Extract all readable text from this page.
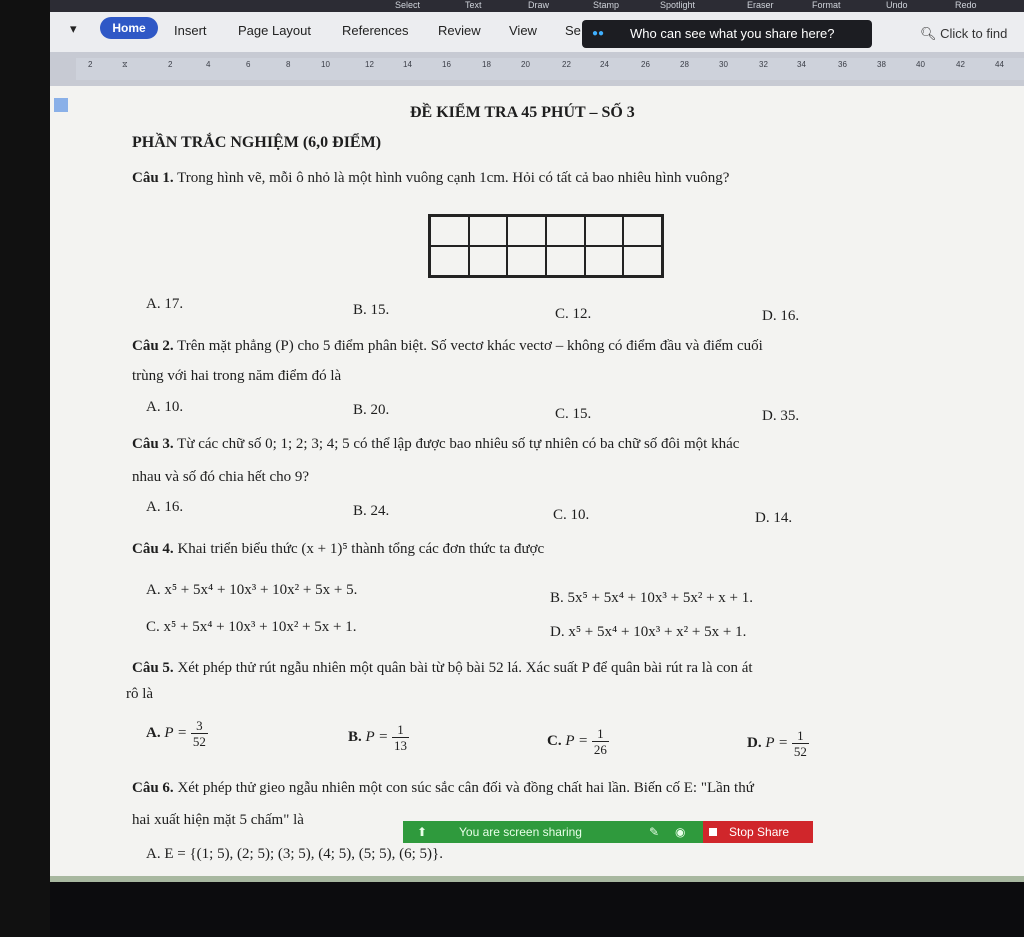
Select	Text	Draw	Stamp	Spotlight	Eraser	Format	Undo	Redo
▾	Home	Insert Page Layout References Review View Se ●● Who can see what you share here?	🔍︎ Click to find
2	⧖	2	4	6	8	10	12	14	16	18	20	22	24	26	28	30	32	34	36	38	40	42	44
ĐỀ KIỂM TRA 45 PHÚT – SỐ 3
PHẦN TRẮC NGHIỆM (6,0 ĐIỂM)
Câu 1. Trong hình vẽ, mỗi ô nhỏ là một hình vuông cạnh 1cm. Hỏi có tất cả bao nhiêu hình vuông?
A. 17.	B. 15.	C. 12.	D. 16.
Câu 2. Trên mặt phẳng (P) cho 5 điểm phân biệt. Số vectơ khác vectơ – không có điểm đầu và điểm cuối
trùng với hai trong năm điểm đó là
A. 10.	B. 20.	C. 15.	D. 35.
Câu 3. Từ các chữ số 0; 1; 2; 3; 4; 5 có thể lập được bao nhiêu số tự nhiên có ba chữ số đôi một khác
nhau và số đó chia hết cho 9?
A. 16.	B. 24.	C. 10.	D. 14.
Câu 4. Khai triển biểu thức (x + 1)⁵ thành tổng các đơn thức ta được
A. x⁵ + 5x⁴ + 10x³ + 10x² + 5x + 5.	B. 5x⁵ + 5x⁴ + 10x³ + 5x² + x + 1.
C. x⁵ + 5x⁴ + 10x³ + 10x² + 5x + 1.	D. x⁵ + 5x⁴ + 10x³ + x² + 5x + 1.
Câu 5. Xét phép thử rút ngẫu nhiên một quân bài từ bộ bài 52 lá. Xác suất P để quân bài rút ra là con át
rô là
A. $P = \frac{3}{52}$	B. $P = \frac{1}{13}$	C. $P = \frac{1}{26}$	D. $P = \frac{1}{52}$
Câu 6. Xét phép thử gieo ngẫu nhiên một con súc sắc cân đối và đồng chất hai lần. Biến cố E: "Lần thứ
hai xuất hiện mặt 5 chấm" là
A. E = {(1; 5), (2; 5); (3; 5), (4; 5), (5; 5), (6; 5)}.
⬆	You are screen sharing	✎ ◉	Stop Share
